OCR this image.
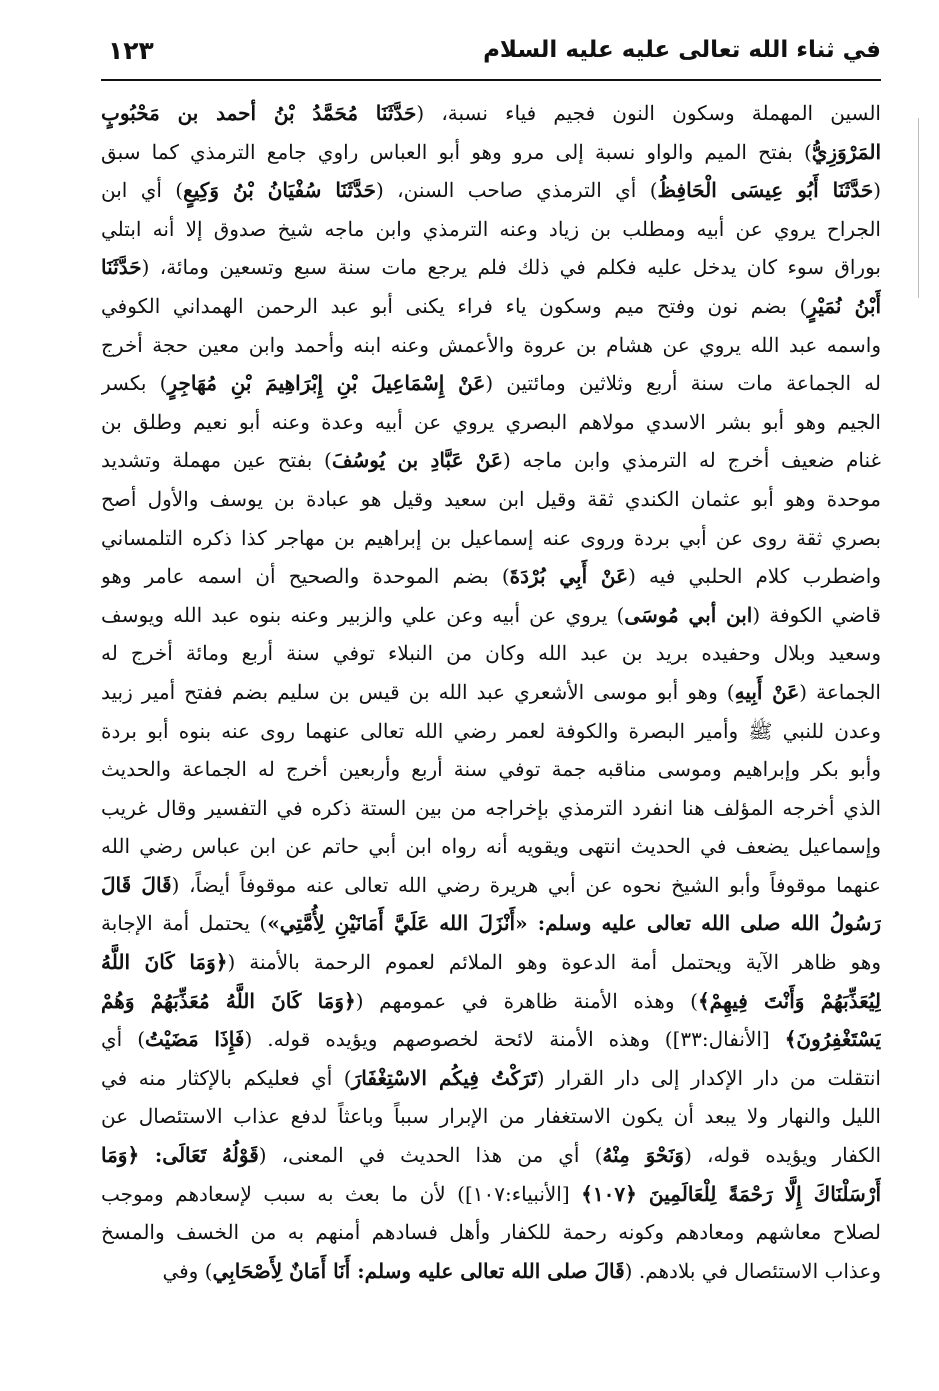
١٢٣	في ثناء الله تعالى عليه عليه السلام
السين المهملة وسكون النون فجيم فياء نسبة، (حَدَّثَنَا مُحَمَّدُ بْنُ أحمد بن مَحْبُوبٍ
المَرْوَزِيُّ) بفتح الميم والواو نسبة إلى مرو وهو أبو العباس راوي جامع الترمذي كما سبق
(حَدَّثَنَا أَبُو عِيسَى الْحَافِظُ) أي الترمذي صاحب السنن، (حَدَّثَنَا سُفْيَانُ بْنُ وَكِيعٍ) أي ابن
الجراح يروي عن أبيه ومطلب بن زياد وعنه الترمذي وابن ماجه شيخ صدوق إلا أنه ابتلي
بوراق سوء كان يدخل عليه فكلم في ذلك فلم يرجع مات سنة سبع وتسعين ومائة، (حَدَّثَنَا
أَبْنُ نُمَيْرٍ) بضم نون وفتح ميم وسكون ياء فراء يكنى أبو عبد الرحمن الهمداني الكوفي
واسمه عبد الله يروي عن هشام بن عروة والأعمش وعنه ابنه وأحمد وابن معين حجة أخرج
له الجماعة مات سنة أربع وثلاثين ومائتين (عَنْ إِسْمَاعِيلَ بْنِ إِبْرَاهِيمَ بْنِ مُهَاجِرٍ) بكسر
الجيم وهو أبو بشر الاسدي مولاهم البصري يروي عن أبيه وعدة وعنه أبو نعيم وطلق بن
غنام ضعيف أخرج له الترمذي وابن ماجه (عَنْ عَبَّادِ بن يُوسُفَ) بفتح عين مهملة وتشديد
موحدة وهو أبو عثمان الكندي ثقة وقيل ابن سعيد وقيل هو عبادة بن يوسف والأول أصح
بصري ثقة روى عن أبي بردة وروى عنه إسماعيل بن إبراهيم بن مهاجر كذا ذكره التلمساني
واضطرب كلام الحلبي فيه (عَنْ أَبِي بُرْدَةَ) بضم الموحدة والصحيح أن اسمه عامر وهو
قاضي الكوفة (ابن أبي مُوسَى) يروي عن أبيه وعن علي والزبير وعنه بنوه عبد الله ويوسف
وسعيد وبلال وحفيده بريد بن عبد الله وكان من النبلاء توفي سنة أربع ومائة أخرج له
الجماعة (عَنْ أَبِيهِ) وهو أبو موسى الأشعري عبد الله بن قيس بن سليم بضم ففتح أمير زبيد
وعدن للنبي ﷺ وأمير البصرة والكوفة لعمر رضي الله تعالى عنهما روى عنه بنوه أبو بردة
وأبو بكر وإبراهيم وموسى مناقبه جمة توفي سنة أربع وأربعين أخرج له الجماعة والحديث
الذي أخرجه المؤلف هنا انفرد الترمذي بإخراجه من بين الستة ذكره في التفسير وقال غريب
وإسماعيل يضعف في الحديث انتهى ويقويه أنه رواه ابن أبي حاتم عن ابن عباس رضي الله
عنهما موقوفاً وأبو الشيخ نحوه عن أبي هريرة رضي الله تعالى عنه موقوفاً أيضاً، (قَالَ قَالَ
رَسُولُ الله صلى الله تعالى عليه وسلم: «أَنْزَلَ الله عَلَيَّ أَمَانَيْنِ لِأُمَّتِي») يحتمل أمة الإجابة
وهو ظاهر الآية ويحتمل أمة الدعوة وهو الملائم لعموم الرحمة بالأمنة (﴿وَمَا كَانَ اللَّهُ
لِيُعَذِّبَهُمْ وَأَنْتَ فِيهِمْ﴾) وهذه الأمنة ظاهرة في عمومهم (﴿وَمَا كَانَ اللَّهُ مُعَذِّبَهُمْ وَهُمْ
يَسْتَغْفِرُونَ﴾ [الأنفال:٣٣]) وهذه الأمنة لائحة لخصوصهم ويؤيده قوله. (فَإِذَا مَضَيْتُ) أي
انتقلت من دار الإكدار إلى دار القرار (تَرَكْتُ فِيكُم الاسْتِغْفَارَ) أي فعليكم بالإكثار منه في
الليل والنهار ولا يبعد أن يكون الاستغفار من الإبرار سبباً وباعثاً لدفع عذاب الاستئصال عن
الكفار ويؤيده قوله، (وَنَحْوَ مِنْهُ) أي من هذا الحديث في المعنى، (قَوْلُهُ تَعَالَى: ﴿وَمَا
أَرْسَلْنَاكَ إِلَّا رَحْمَةً لِلْعَالَمِينَ ﴿١٠٧﴾ [الأنبياء:١٠٧]) لأن ما بعث به سبب لإسعادهم وموجب
لصلاح معاشهم ومعادهم وكونه رحمة للكفار وأهل فسادهم أمنهم به من الخسف والمسخ
وعذاب الاستئصال في بلادهم. (قَالَ صلى الله تعالى عليه وسلم: أَنَا أَمَانٌ لِأَصْحَابِي) وفي
